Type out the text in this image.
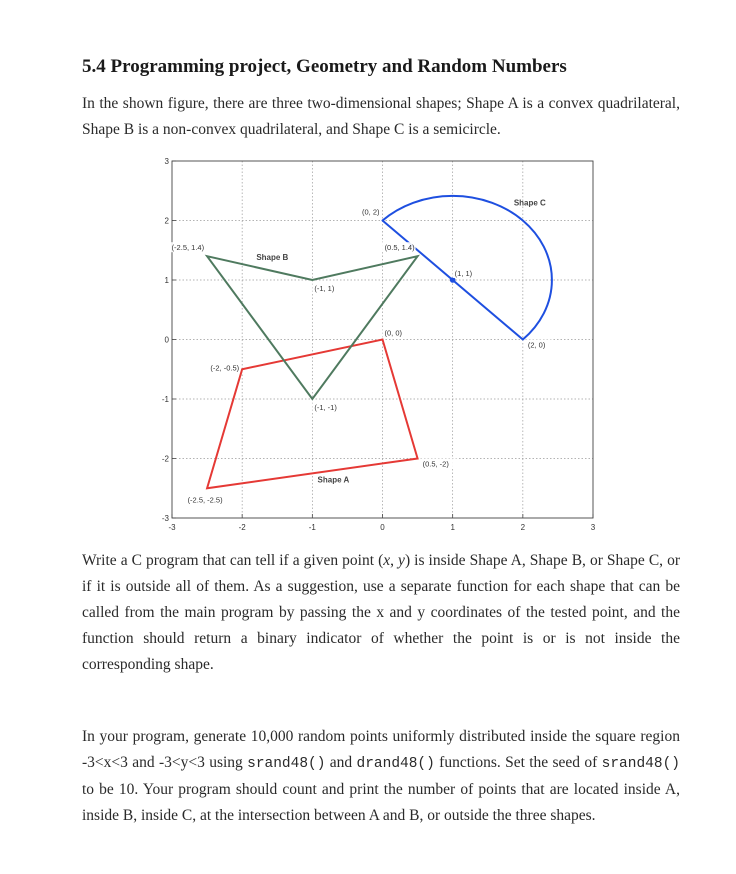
5.4 Programming project, Geometry and Random Numbers

In the shown figure, there are three two-dimensional shapes; Shape A is a convex quadrilateral, Shape B is a non-convex quadrilateral, and Shape C is a semicircle.

-3	-2	-1	0	1	2	3
-3
-2
-1
0
1
2
3
(-2.5, -2.5)
(-2, -0.5)
(0, 0)
(0.5, -2)
Shape A
(-2.5, 1.4)
(-1, 1)
(0.5, 1.4)
(-1, -1)
Shape B
(0, 2)
(1, 1)
(2, 0)
Shape C

Write a C program that can tell if a given point (x, y) is inside Shape A, Shape B, or Shape C, or if it is outside all of them. As a suggestion, use a separate function for each shape that can be called from the main program by passing the x and y coordinates of the tested point, and the function should return a binary indicator of whether the point is or is not inside the corresponding shape.

In your program, generate 10,000 random points uniformly distributed inside the square region -3<x<3 and -3<y<3 using srand48() and drand48() functions. Set the seed of srand48() to be 10. Your program should count and print the number of points that are located inside A, inside B, inside C, at the intersection between A and B, or outside the three shapes.
